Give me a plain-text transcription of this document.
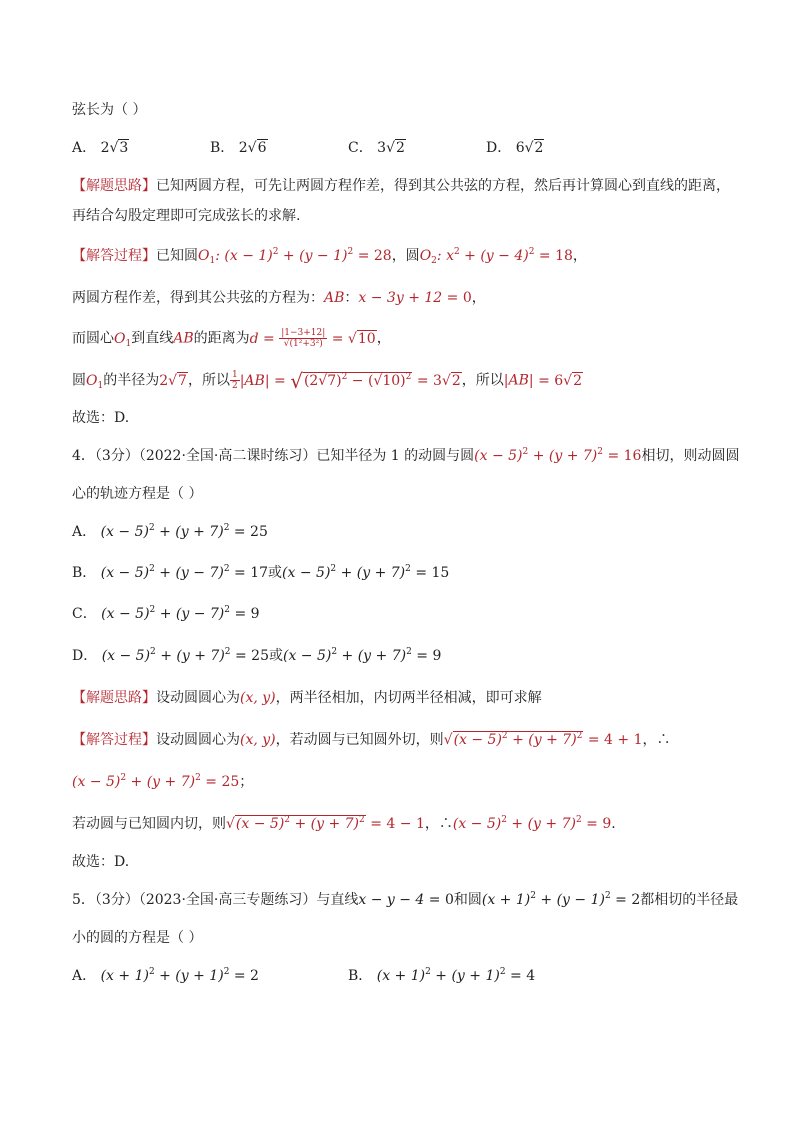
弦长为（ ）
A． 2√3	B． 2√6	C． 3√2	D． 6√2
【解题思路】已知两圆方程，可先让两圆方程作差，得到其公共弦的方程，然后再计算圆心到直线的距离，
再结合勾股定理即可完成弦长的求解.
【解答过程】已知圆$O_1$: $(x - 1)^2 + (y - 1)^2 = 28$，圆$O_2$: $x^2 + (y - 4)^2 = 18$，
两圆方程作差，得到其公共弦的方程为：AB：x − 3y + 12 = 0，
而圆心$O_1$到直线AB的距离为$d = \frac{|1-3+12|}{\text{√(1²+3²)}} = √10$，
圆$O_1$的半径为2√7，所以 $\frac{1}{2} |AB| = √(2√7)^2 - (√10)^2 = 3√2$，所以|AB| = 6√2
故选：D.
4．（3分）（2022·全国·高二课时练习）已知半径为 1 的动圆与圆$(x - 5)^2 + (y + 7)^2 = 16$相切，则动圆圆
心的轨迹方程是（ ）
A． $(x - 5)^2 + (y + 7)^2 = 25$
B． $(x - 5)^2 + (y - 7)^2 = 17$或$(x - 5)^2 + (y + 7)^2 = 15$
C． $(x - 5)^2 + (y - 7)^2 = 9$
D． $(x - 5)^2 + (y + 7)^2 = 25$或$(x - 5)^2 + (y + 7)^2 = 9$
【解题思路】设动圆圆心为(x, y)，两半径相加，内切两半径相减，即可求解
【解答过程】设动圆圆心为(x, y)，若动圆与已知圆外切，则$√(x - 5)^2 + (y + 7)^2 = 4 + 1$，∴
$(x - 5)^2 + (y + 7)^2 = 25$；
若动圆与已知圆内切，则$√(x - 5)^2 + (y + 7)^2 = 4 - 1$，∴(x − $5)^2 + (y + 7)^2 = 9$.
故选：D.
5．（3分）（2023·全国·高三专题练习）与直线x − y − 4 = 0和圆$(x + 1)^2 + (y - 1)^2 = 2$都相切的半径最
小的圆的方程是（ ）
A． $(x + 1)^2 + (y + 1)^2 = 2$	B． $(x + 1)^2 + (y + 1)^2 = 4$
